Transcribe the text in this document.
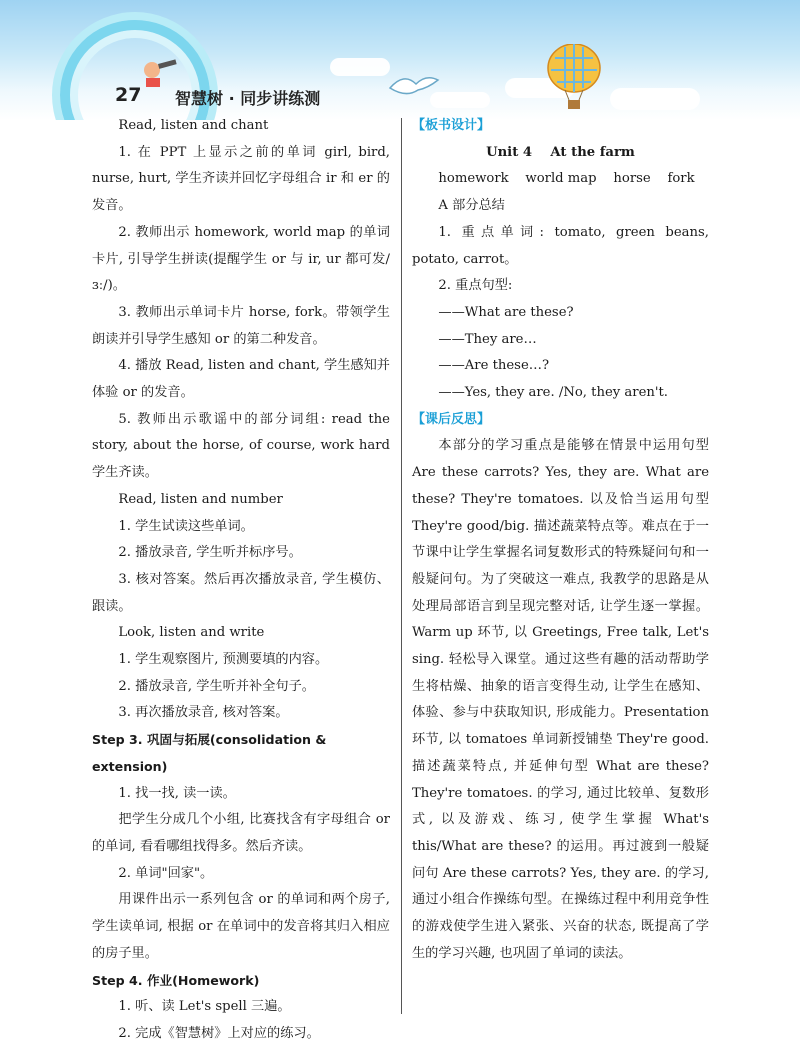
27 智慧树 · 同步讲练测

Read, listen and chant

1. 在 PPT 上显示之前的单词 girl, bird, nurse, hurt, 学生齐读并回忆字母组合 ir 和 er 的发音。

2. 教师出示 homework, world map 的单词卡片, 引导学生拼读(提醒学生 or 与 ir, ur 都可发/ɜː/)。

3. 教师出示单词卡片 horse, fork。带领学生朗读并引导学生感知 or 的第二种发音。

4. 播放 Read, listen and chant, 学生感知并体验 or 的发音。

5. 教师出示歌谣中的部分词组: read the story, about the horse, of course, work hard 学生齐读。

Read, listen and number

1. 学生试读这些单词。

2. 播放录音, 学生听并标序号。

3. 核对答案。然后再次播放录音, 学生模仿、跟读。

Look, listen and write

1. 学生观察图片, 预测要填的内容。

2. 播放录音, 学生听并补全句子。

3. 再次播放录音, 核对答案。

Step 3. 巩固与拓展(consolidation & extension)

1. 找一找, 读一读。

把学生分成几个小组, 比赛找含有字母组合 or 的单词, 看看哪组找得多。然后齐读。

2. 单词"回家"。

用课件出示一系列包含 or 的单词和两个房子, 学生读单词, 根据 or 在单词中的发音将其归入相应的房子里。

Step 4. 作业(Homework)

1. 听、读 Let's spell 三遍。

2. 完成《智慧树》上对应的练习。

【板书设计】

Unit 4    At the farm

homework    world map    horse    fork

A 部分总结

1. 重点单词: tomato, green beans, potato, carrot。

2. 重点句型:

——What are these?

——They are…

——Are these…?

——Yes, they are. /No, they aren't.

【课后反思】

本部分的学习重点是能够在情景中运用句型 Are these carrots? Yes, they are. What are these? They're tomatoes. 以及恰当运用句型 They're good/big. 描述蔬菜特点等。难点在于一节课中让学生掌握名词复数形式的特殊疑问句和一般疑问句。为了突破这一难点, 我教学的思路是从处理局部语言到呈现完整对话, 让学生逐一掌握。Warm up 环节, 以 Greetings, Free talk, Let's sing. 轻松导入课堂。通过这些有趣的活动帮助学生将枯燥、抽象的语言变得生动, 让学生在感知、体验、参与中获取知识, 形成能力。Presentation 环节, 以 tomatoes 单词新授铺垫 They're good. 描述蔬菜特点, 并延伸句型 What are these? They're tomatoes. 的学习, 通过比较单、复数形式, 以及游戏、练习, 使学生掌握 What's this/What are these? 的运用。再过渡到一般疑问句 Are these carrots? Yes, they are. 的学习, 通过小组合作操练句型。在操练过程中利用竞争性的游戏使学生进入紧张、兴奋的状态, 既提高了学生的学习兴趣, 也巩固了单词的读法。
